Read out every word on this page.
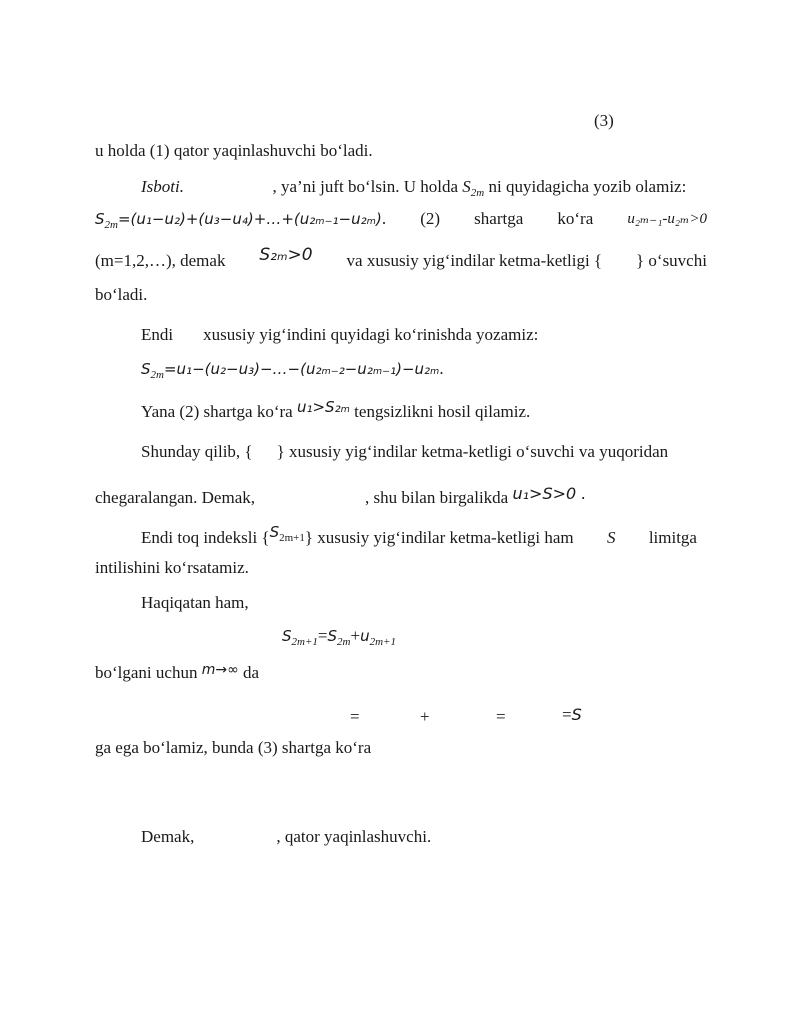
(3)
u holda (1) qator yaqinlashuvchi bo‘ladi.
Isbоti.	, ya’ni juft bo‘lsin. U holda $S_{2m}$ ni quyidagicha yozib olamiz:
$S_{2m}=(u_1-u_2)+(u_3-u_4)+\dots+(u_{2m-1}-u_{2m})$. (2) shartga ko‘ra u₂ₘ₋₁-u₂ₘ>0
(m=1,2,…), demak S₂ₘ>0 va xususiy yig‘indilar ketma-ketligi { } o‘suvchi
bo‘ladi.
Endi xususiy yig‘indini quyidagi ko‘rinishda yozamiz:
$S_{2m}=u_1-(u_2-u_3)-\dots-(u_{2m-2}-u_{2m-1})-u_{2m}$.
Yana (2) shartga ko‘ra u₁>S₂ₘ tengsizlikni hosil qilamiz.
Shunday qilib, { } xususiy yig‘indilar ketma-ketligi o‘suvchi va yuqoridan
chegaralangan. Demak,	, shu bilan birgalikda u₁>S>0 .
Endi toq indeksli $\{S_{2m+1}\}$ xususiy yig‘indilar ketma-ketligi ham S limitga
intilishini ko‘rsatamiz.
Haqiqatan ham,
$S_{2m+1}=S_{2m}+u_{2m+1}$
bo‘lgani uchun $^{m\to\infty}$ da
=	+	=	=S
ga ega bo‘lamiz, bunda (3) shartga ko‘ra
Demak,	, qator yaqinlashuvchi.
